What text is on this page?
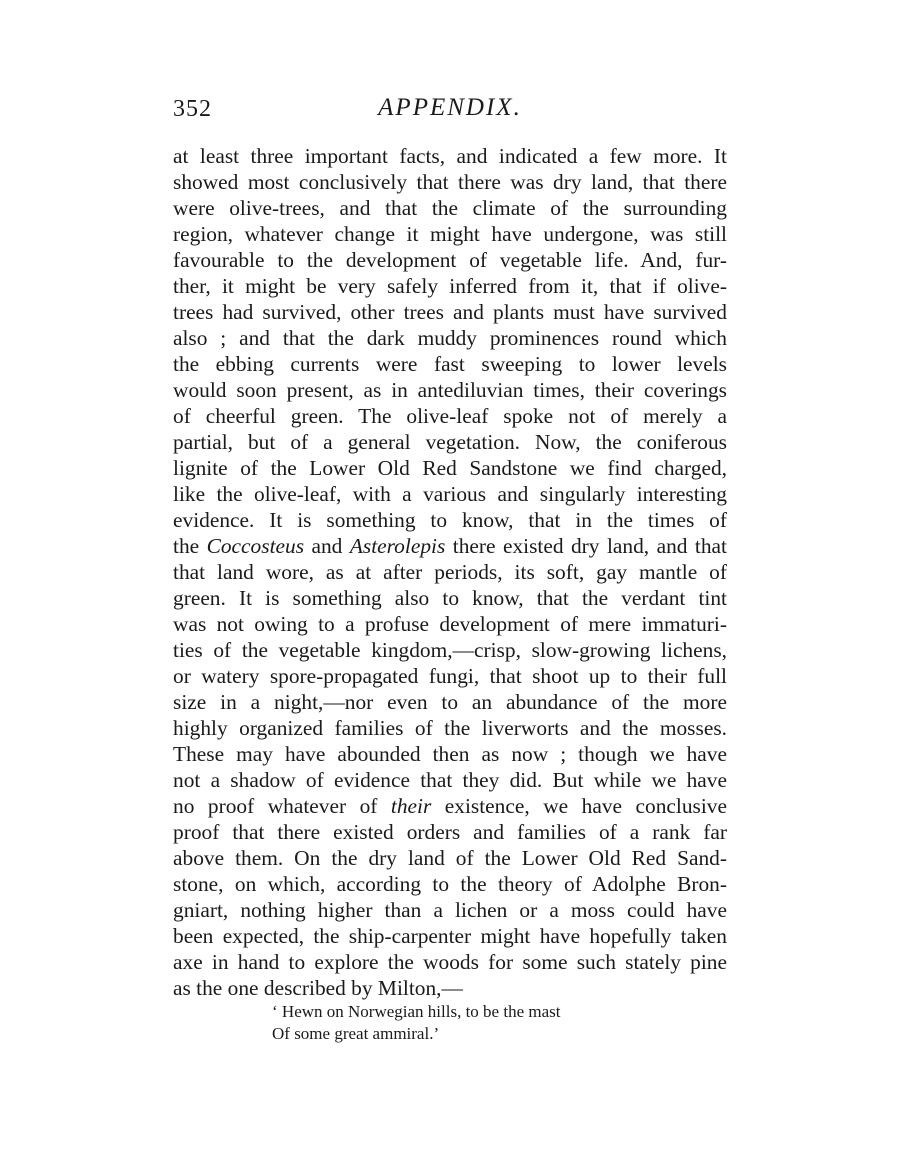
352	APPENDIX.
at least three important facts, and indicated a few more. It
showed most conclusively that there was dry land, that there
were olive-trees, and that the climate of the surrounding
region, whatever change it might have undergone, was still
favourable to the development of vegetable life. And, fur-
ther, it might be very safely inferred from it, that if olive-
trees had survived, other trees and plants must have survived
also ; and that the dark muddy prominences round which
the ebbing currents were fast sweeping to lower levels
would soon present, as in antediluvian times, their coverings
of cheerful green. The olive-leaf spoke not of merely a
partial, but of a general vegetation. Now, the coniferous
lignite of the Lower Old Red Sandstone we find charged,
like the olive-leaf, with a various and singularly interesting
evidence. It is something to know, that in the times of
the Coccosteus and Asterolepis there existed dry land, and that
that land wore, as at after periods, its soft, gay mantle of
green. It is something also to know, that the verdant tint
was not owing to a profuse development of mere immaturi-
ties of the vegetable kingdom,—crisp, slow-growing lichens,
or watery spore-propagated fungi, that shoot up to their full
size in a night,—nor even to an abundance of the more
highly organized families of the liverworts and the mosses.
These may have abounded then as now ; though we have
not a shadow of evidence that they did. But while we have
no proof whatever of their existence, we have conclusive
proof that there existed orders and families of a rank far
above them. On the dry land of the Lower Old Red Sand-
stone, on which, according to the theory of Adolphe Bron-
gniart, nothing higher than a lichen or a moss could have
been expected, the ship-carpenter might have hopefully taken
axe in hand to explore the woods for some such stately pine
as the one described by Milton,—
‘ Hewn on Norwegian hills, to be the mast
Of some great ammiral.’
